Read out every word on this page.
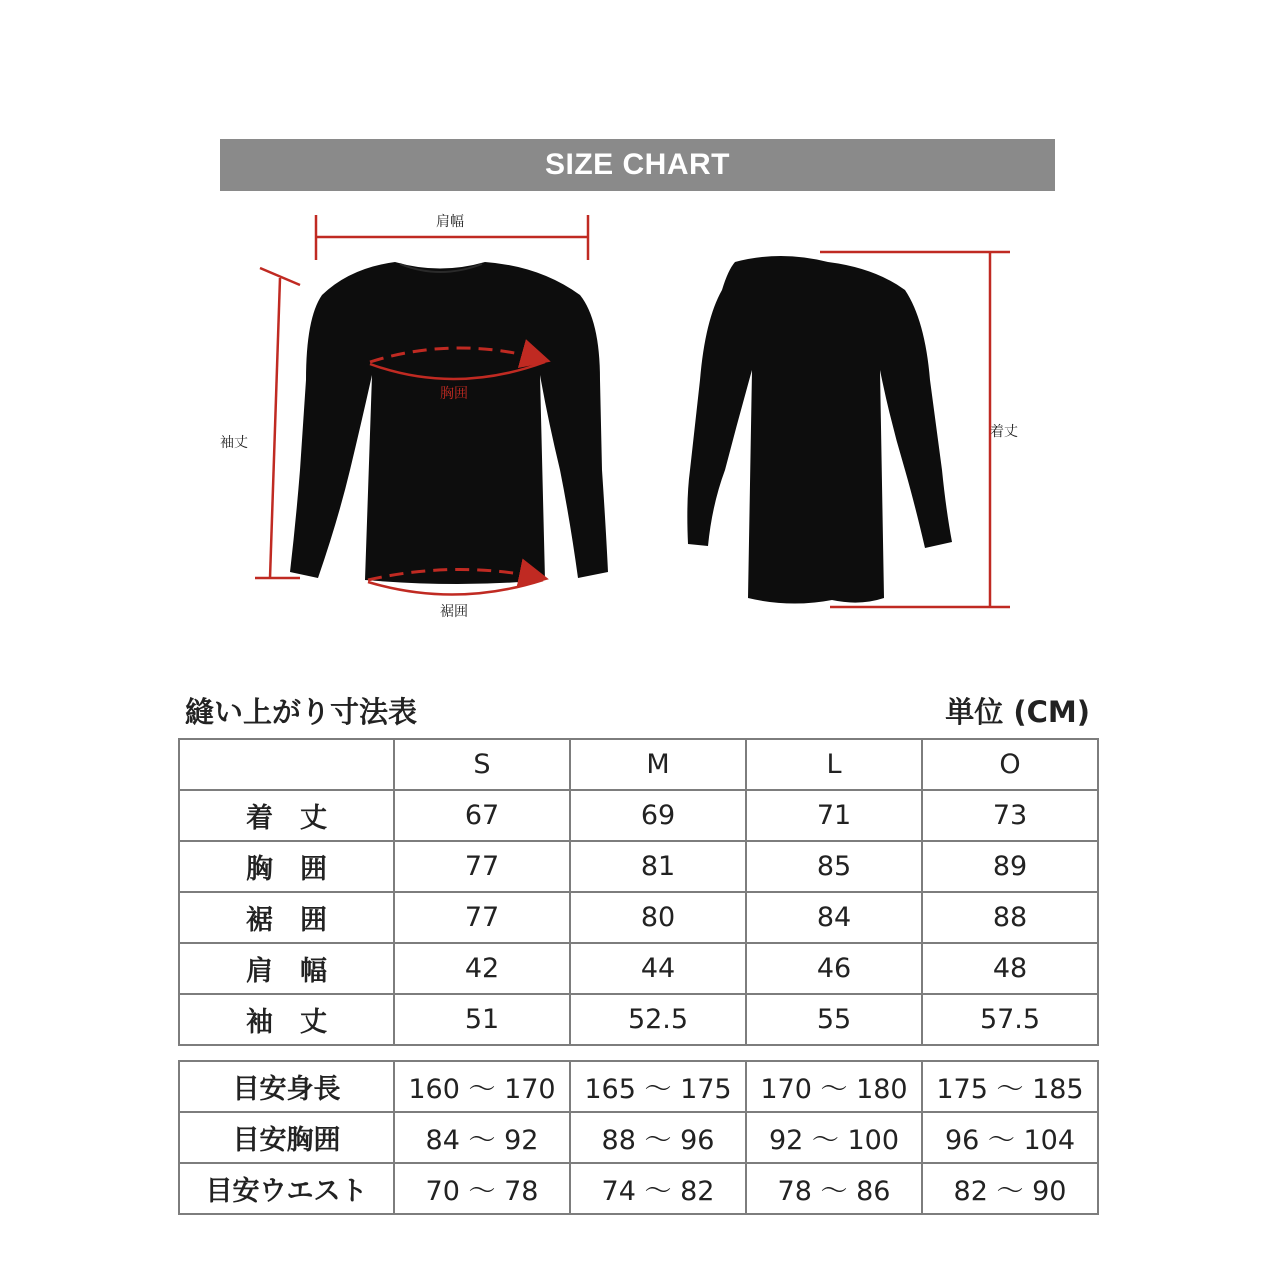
SIZE CHART
肩幅
胸囲
裾囲
袖丈
着丈
縫い上がり寸法表	単位 (CM)
	S	M	L	O
着　丈	67	69	71	73
胸　囲	77	81	85	89
裾　囲	77	80	84	88
肩　幅	42	44	46	48
袖　丈	51	52.5	55	57.5
目安身長	160 ～ 170	165 ～ 175	170 ～ 180	175 ～ 185
目安胸囲	84 ～ 92	88 ～ 96	92 ～ 100	96 ～ 104
目安ウエスト	70 ～ 78	74 ～ 82	78 ～ 86	82 ～ 90
